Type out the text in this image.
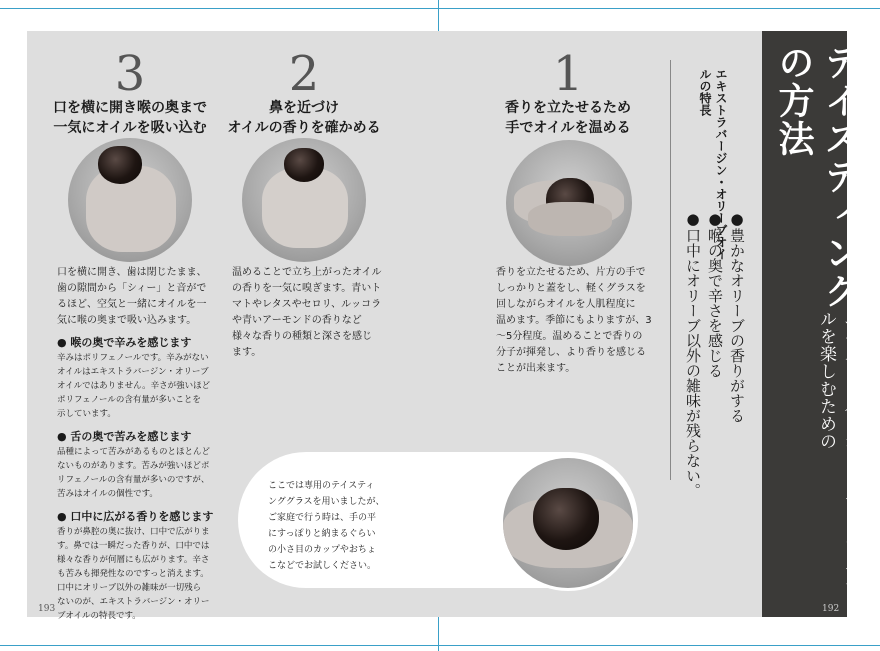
エキストラバージン・オリーブオイルを楽しむための
テイスティングの方法
エキストラバージン・オリーブオイルの特長
●豊かなオリーブの香りがする
●喉の奥で辛さを感じる
●口中にオリーブ以外の雑味が残らない。
1
香りを立たせるため
手でオイルを温める
香りを立たせるため、片方の手で
しっかりと蓋をし、軽くグラスを
回しながらオイルを人肌程度に
温めます。季節にもよりますが、3
〜5分程度。温めることで香りの
分子が揮発し、より香りを感じる
ことが出来ます。
2
鼻を近づけ
オイルの香りを確かめる
温めることで立ち上がったオイル
の香りを一気に嗅ぎます。青いト
マトやレタスやセロリ、ルッコラ
や青いアーモンドの香りなど
様々な香りの種類と深さを感じ
ます。
3
口を横に開き喉の奥まで
一気にオイルを吸い込む
口を横に開き、歯は閉じたまま、
歯の隙間から「シィー」と音がで
るほど、空気と一緒にオイルを一
気に喉の奥まで吸い込みます。
● 喉の奥で辛みを感じます
辛みはポリフェノールです。辛みがない
オイルはエキストラバージン・オリーブ
オイルではありません。辛さが強いほど
ポリフェノールの含有量が多いことを
示しています。
● 舌の奥で苦みを感じます
品種によって苦みがあるものとほとんど
ないものがあります。苦みが強いほどポ
リフェノールの含有量が多いのですが、
苦みはオイルの個性です。
● 口中に広がる香りを感じます
香りが鼻腔の奥に抜け、口中で広がりま
す。鼻では一瞬だった香りが、口中では
様々な香りが何層にも広がります。辛さ
も苦みも揮発性なのですっと消えます。
口中にオリーブ以外の雑味が一切残ら
ないのが、エキストラバージン・オリー
ブオイルの特長です。
ここでは専用のテイスティ
ンググラスを用いましたが、
ご家庭で行う時は、手の平
にすっぽりと納まるぐらい
の小さ目のカップやおちょ
こなどでお試しください。
193	192
